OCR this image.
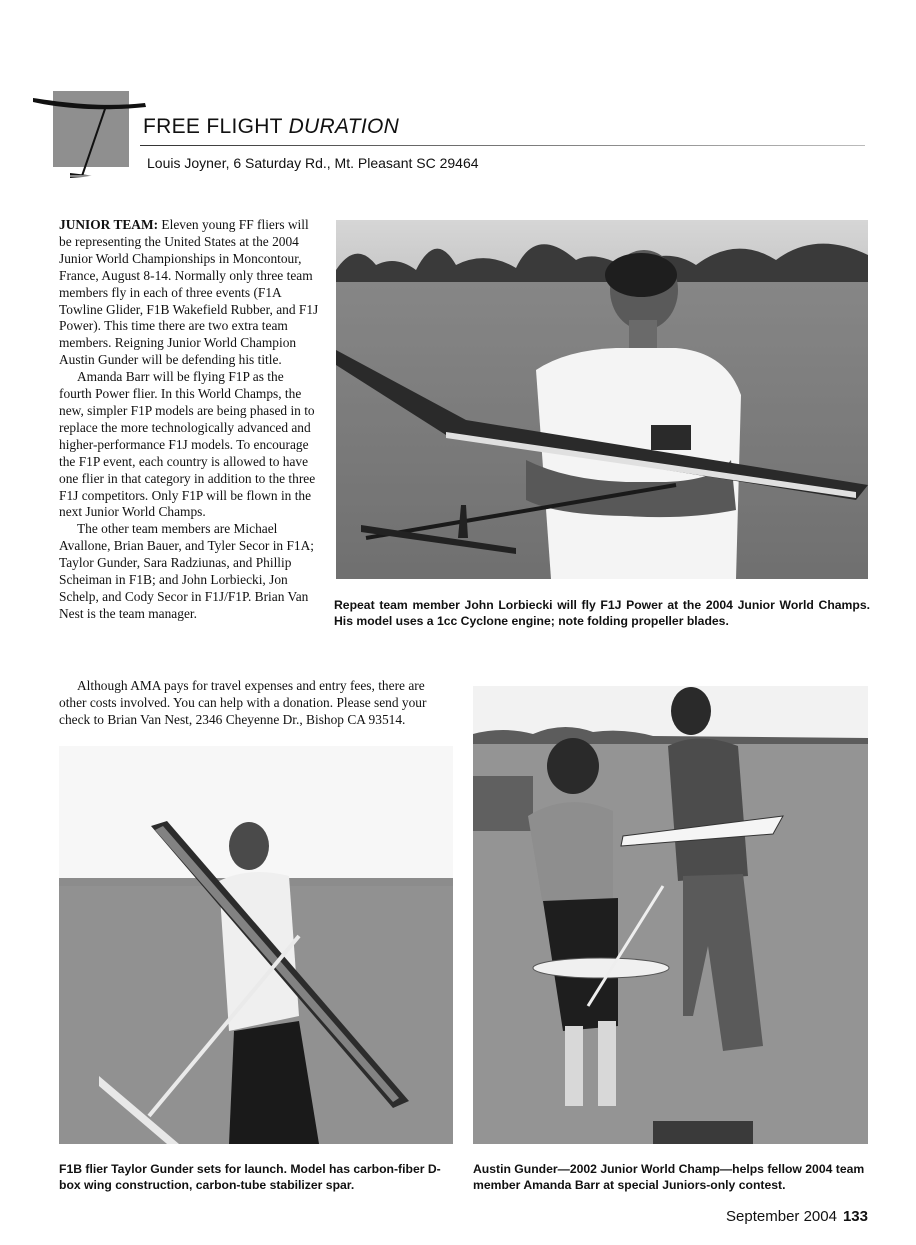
FREE FLIGHT DURATION
Louis Joyner, 6 Saturday Rd., Mt. Pleasant SC 29464

JUNIOR TEAM: Eleven young FF fliers will be representing the United States at the 2004 Junior World Championships in Moncontour, France, August 8-14. Normally only three team members fly in each of three events (F1A Towline Glider, F1B Wakefield Rubber, and F1J Power). This time there are two extra team members. Reigning Junior World Champion Austin Gunder will be defending his title.

Amanda Barr will be flying F1P as the fourth Power flier. In this World Champs, the new, simpler F1P models are being phased in to replace the more technologically advanced and higher-performance F1J models. To encourage the F1P event, each country is allowed to have one flier in that category in addition to the three F1J competitors. Only F1P will be flown in the next Junior World Champs.

The other team members are Michael Avallone, Brian Bauer, and Tyler Secor in F1A; Taylor Gunder, Sara Radziunas, and Phillip Scheiman in F1B; and John Lorbiecki, Jon Schelp, and Cody Secor in F1J/F1P. Brian Van Nest is the team manager.

Although AMA pays for travel expenses and entry fees, there are other costs involved. You can help with a donation. Please send your check to Brian Van Nest, 2346 Cheyenne Dr., Bishop CA 93514.

Repeat team member John Lorbiecki will fly F1J Power at the 2004 Junior World Champs. His model uses a 1cc Cyclone engine; note folding propeller blades.
F1B flier Taylor Gunder sets for launch. Model has carbon-fiber D-box wing construction, carbon-tube stabilizer spar.
Austin Gunder—2002 Junior World Champ—helps fellow 2004 team member Amanda Barr at special Juniors-only contest.
September 2004 133
